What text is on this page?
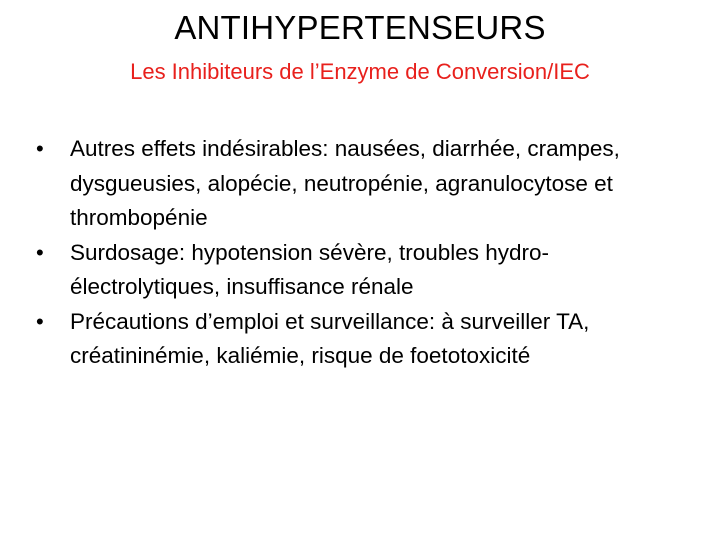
ANTIHYPERTENSEURS
Les Inhibiteurs de l’Enzyme de Conversion/IEC
•	Autres effets indésirables: nausées, diarrhée, crampes, dysgueusies, alopécie, neutropénie, agranulocytose et thrombopénie
•	Surdosage: hypotension sévère, troubles hydro-électrolytiques, insuffisance rénale
•	Précautions d’emploi et surveillance: à surveiller TA, créatininémie, kaliémie, risque de foetotoxicité
